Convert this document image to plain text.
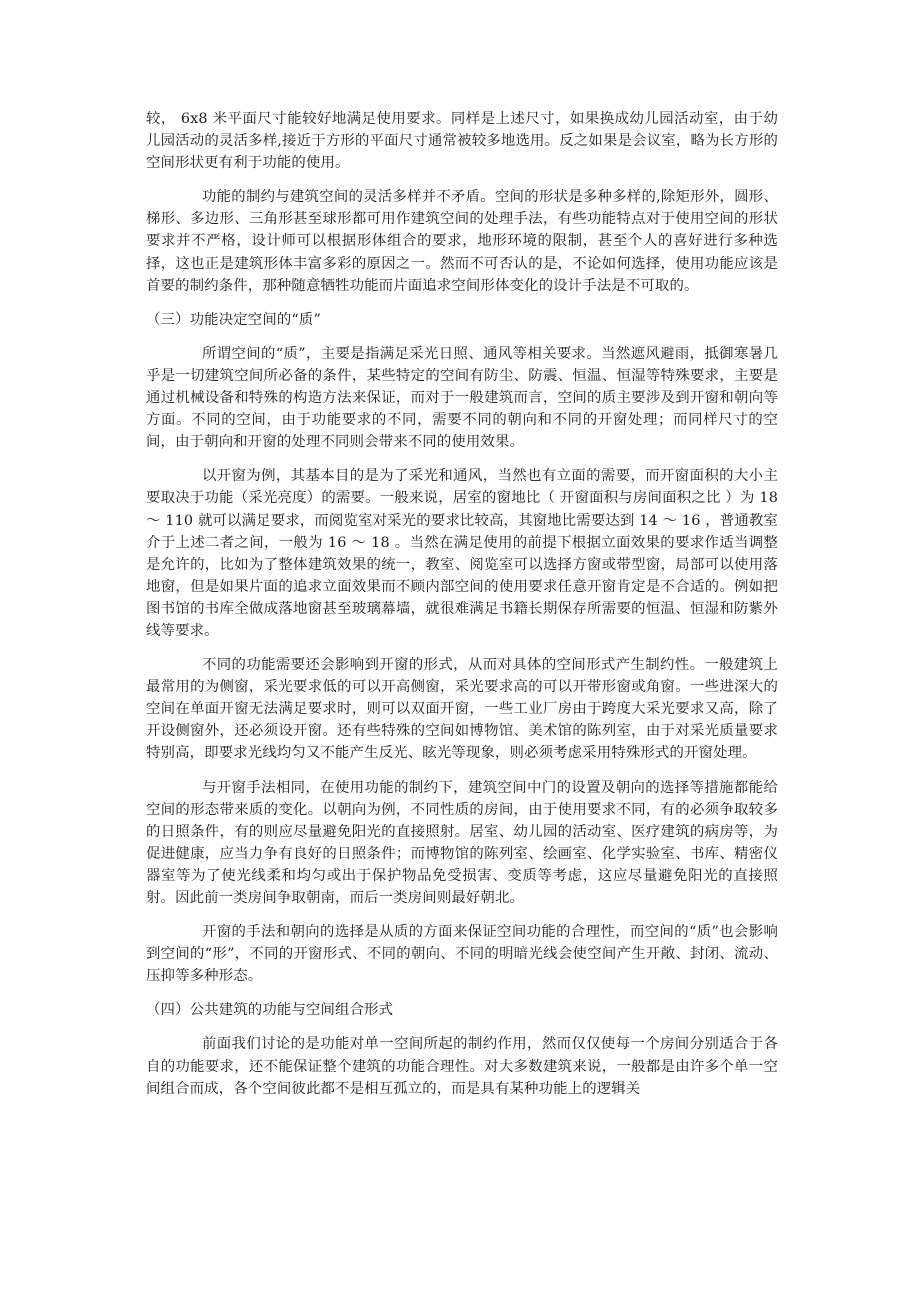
较， 6x8 米平面尺寸能较好地满足使用要求。同样是上述尺寸，如果换成幼儿园活动室，由于幼儿园活动的灵活多样,接近于方形的平面尺寸通常被较多地选用。反之如果是会议室，略为长方形的空间形状更有利于功能的使用。

功能的制约与建筑空间的灵活多样并不矛盾。空间的形状是多种多样的,除矩形外，圆形、梯形、多边形、三角形甚至球形都可用作建筑空间的处理手法，有些功能特点对于使用空间的形状要求并不严格，设计师可以根据形体组合的要求，地形环境的限制，甚至个人的喜好进行多种选择，这也正是建筑形体丰富多彩的原因之一。然而不可否认的是，不论如何选择，使用功能应该是首要的制约条件，那种随意牺牲功能而片面追求空间形体变化的设计手法是不可取的。

（三）功能决定空间的“质”

所谓空间的“质”，主要是指满足采光日照、通风等相关要求。当然遮风避雨，抵御寒暑几乎是一切建筑空间所必备的条件，某些特定的空间有防尘、防震、恒温、恒湿等特殊要求，主要是通过机械设备和特殊的构造方法来保证，而对于一般建筑而言，空间的质主要涉及到开窗和朝向等方面。不同的空间，由于功能要求的不同，需要不同的朝向和不同的开窗处理；而同样尺寸的空间，由于朝向和开窗的处理不同则会带来不同的使用效果。

以开窗为例，其基本目的是为了采光和通风，当然也有立面的需要，而开窗面积的大小主要取决于功能（采光亮度）的需要。一般来说，居室的窗地比（ 开窗面积与房间面积之比 ）为 18 ～ 110 就可以满足要求，而阅览室对采光的要求比较高，其窗地比需要达到 14 ～ 16 ，普通教室介于上述二者之间，一般为 16 ～ 18 。当然在满足使用的前提下根据立面效果的要求作适当调整是允许的，比如为了整体建筑效果的统一，教室、阅览室可以选择方窗或带型窗，局部可以使用落地窗，但是如果片面的追求立面效果而不顾内部空间的使用要求任意开窗肯定是不合适的。例如把图书馆的书库全做成落地窗甚至玻璃幕墙，就很难满足书籍长期保存所需要的恒温、恒湿和防紫外线等要求。

不同的功能需要还会影响到开窗的形式，从而对具体的空间形式产生制约性。一般建筑上最常用的为侧窗，采光要求低的可以开高侧窗，采光要求高的可以开带形窗或角窗。一些进深大的空间在单面开窗无法满足要求时，则可以双面开窗，一些工业厂房由于跨度大采光要求又高，除了开设侧窗外，还必须设开窗。还有些特殊的空间如博物馆、美术馆的陈列室，由于对采光质量要求特别高，即要求光线均匀又不能产生反光、眩光等现象，则必须考虑采用特殊形式的开窗处理。

与开窗手法相同，在使用功能的制约下，建筑空间中门的设置及朝向的选择等措施都能给空间的形态带来质的变化。以朝向为例，不同性质的房间，由于使用要求不同，有的必须争取较多的日照条件，有的则应尽量避免阳光的直接照射。居室、幼儿园的活动室、医疗建筑的病房等，为促进健康，应当力争有良好的日照条件；而博物馆的陈列室、绘画室、化学实验室、书库、精密仪器室等为了使光线柔和均匀或出于保护物品免受损害、变质等考虑，这应尽量避免阳光的直接照射。因此前一类房间争取朝南，而后一类房间则最好朝北。

开窗的手法和朝向的选择是从质的方面来保证空间功能的合理性，而空间的“质”也会影响到空间的“形”，不同的开窗形式、不同的朝向、不同的明暗光线会使空间产生开敞、封闭、流动、压抑等多种形态。

（四）公共建筑的功能与空间组合形式

前面我们讨论的是功能对单一空间所起的制约作用，然而仅仅使每一个房间分别适合于各自的功能要求，还不能保证整个建筑的功能合理性。对大多数建筑来说，一般都是由许多个单一空间组合而成，各个空间彼此都不是相互孤立的，而是具有某种功能上的逻辑关
